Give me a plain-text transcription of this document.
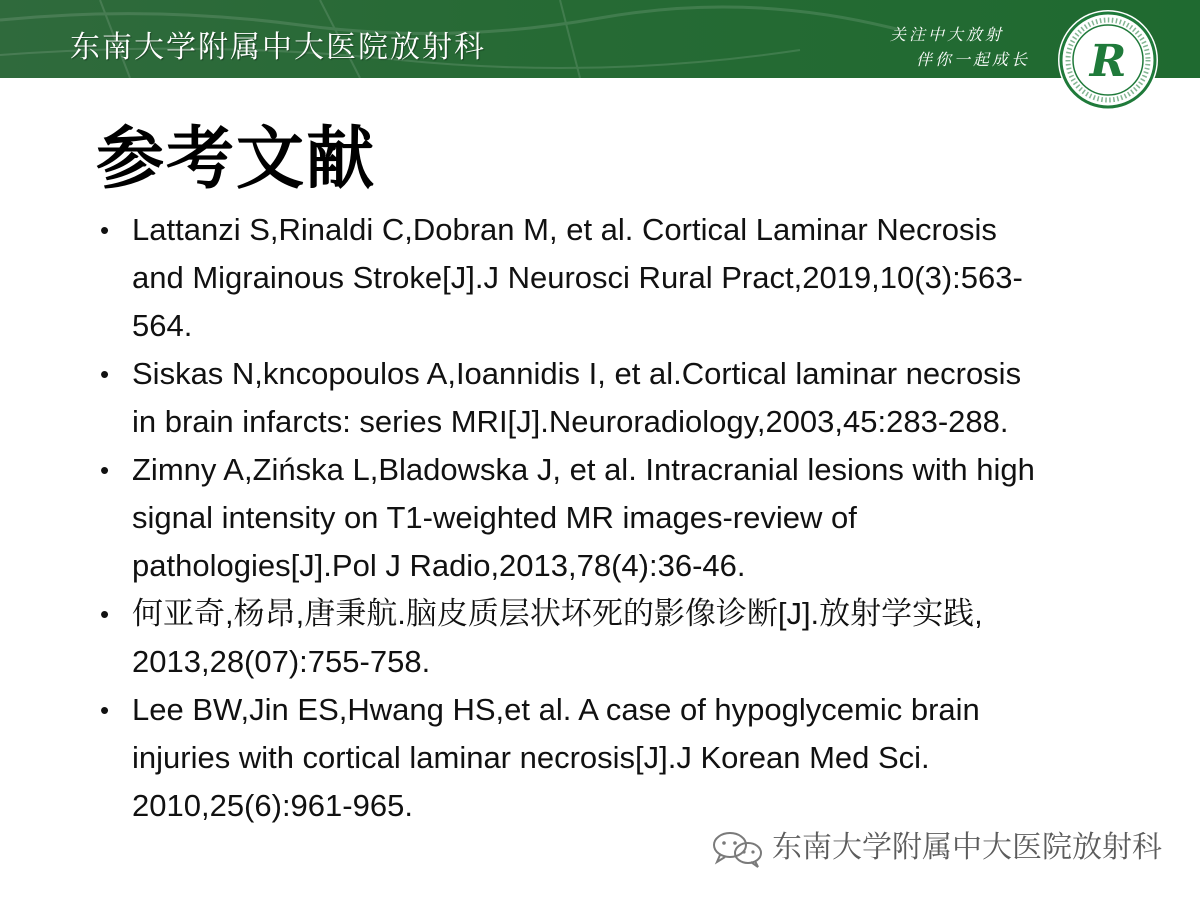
东南大学附属中大医院放射科	关注中大放射
伴你一起成长 R
参考文献
• Lattanzi S,Rinaldi C,Dobran M, et al. Cortical Laminar Necrosis
and Migrainous Stroke[J].J Neurosci Rural Pract,2019,10(3):563-
564.
• Siskas N,kncopoulos A,Ioannidis I, et al.Cortical laminar necrosis
in brain infarcts: series MRI[J].Neuroradiology,2003,45:283-288.
• Zimny A,Zińska L,Bladowska J, et al. Intracranial lesions with high
signal intensity on T1-weighted MR images-review of
pathologies[J].Pol J Radio,2013,78(4):36-46.
• 何亚奇,杨昂,唐秉航.脑皮质层状坏死的影像诊断[J].放射学实践,
2013,28(07):755-758.
• Lee BW,Jin ES,Hwang HS,et al. A case of hypoglycemic brain
injuries with cortical laminar necrosis[J].J Korean Med Sci.
2010,25(6):961-965.
东南大学附属中大医院放射科
